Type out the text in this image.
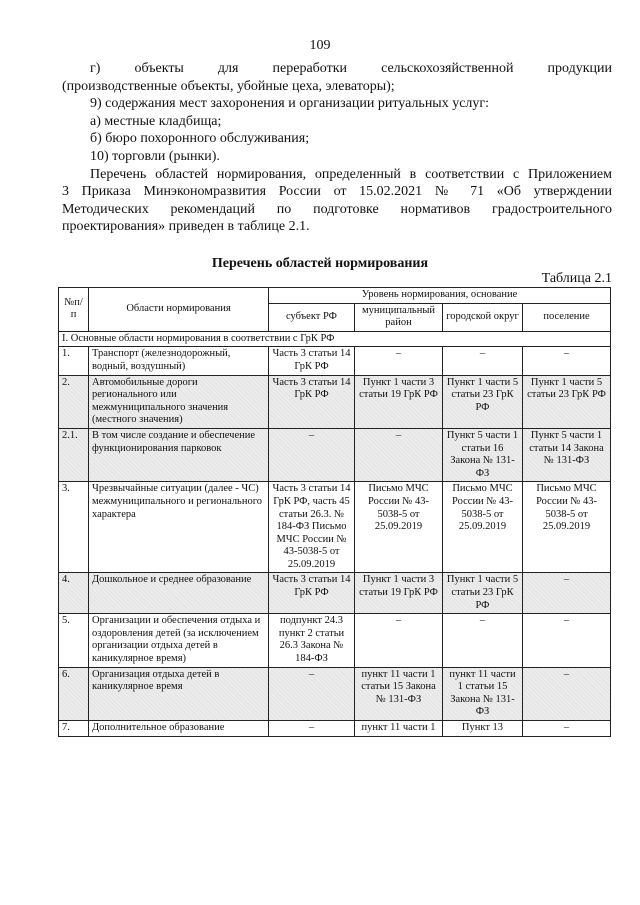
109
г) объекты для переработки сельскохозяйственной продукции
(производственные объекты, убойные цеха, элеваторы);
9) содержания мест захоронения и организации ритуальных услуг:
а) местные кладбища;
б) бюро похоронного обслуживания;
10) торговли (рынки).
Перечень областей нормирования, определенный в соответствии с Приложением
3 Приказа Минэкономразвития России от 15.02.2021 № 71 «Об утверждении
Методических рекомендаций по подготовке нормативов градостроительного
проектирования» приведен в таблице 2.1.
Перечень областей нормирования
Таблица 2.1
№п/п	Области нормирования	Уровень нормирования, основание			
		субъект РФ	муниципальный район	городской округ	поселение
I. Основные области нормирования в соответствии с ГрК РФ					
1.	Транспорт (железнодорожный, водный, воздушный)	Часть 3 статьи 14 ГрК РФ	–	–	–
2.	Автомобильные дороги регионального или межмуниципального значения (местного значения)	Часть 3 статьи 14 ГрК РФ	Пункт 1 части 3 статьи 19 ГрК РФ	Пункт 1 части 5 статьи 23 ГрК РФ	Пункт 1 части 5 статьи 23 ГрК РФ
2.1.	В том числе создание и обеспечение функционирования парковок	–	–	Пункт 5 части 1 статьи 16 Закона № 131-ФЗ	Пункт 5 части 1 статьи 14 Закона № 131-ФЗ
3.	Чрезвычайные ситуации (далее - ЧС) межмуниципального и регионального характера	Часть 3 статьи 14 ГрК РФ, часть 45 статьи 26.3. № 184-ФЗ Письмо МЧС России № 43-5038-5 от 25.09.2019	Письмо МЧС России № 43-5038-5 от 25.09.2019	Письмо МЧС России № 43-5038-5 от 25.09.2019	Письмо МЧС России № 43-5038-5 от 25.09.2019
4.	Дошкольное и среднее образование	Часть 3 статьи 14 ГрК РФ	Пункт 1 части 3 статьи 19 ГрК РФ	Пункт 1 части 5 статьи 23 ГрК РФ	–
5.	Организации и обеспечения отдыха и оздоровления детей (за исключением организации отдыха детей в каникулярное время)	подпункт 24.3 пункт 2 статьи 26.3 Закона № 184-ФЗ	–	–	–
6.	Организация отдыха детей в каникулярное время	–	пункт 11 части 1 статьи 15 Закона № 131-ФЗ	пункт 11 части 1 статьи 15 Закона № 131-ФЗ	–
7.	Дополнительное образование	–	пункт 11 части 1	Пункт 13	–
